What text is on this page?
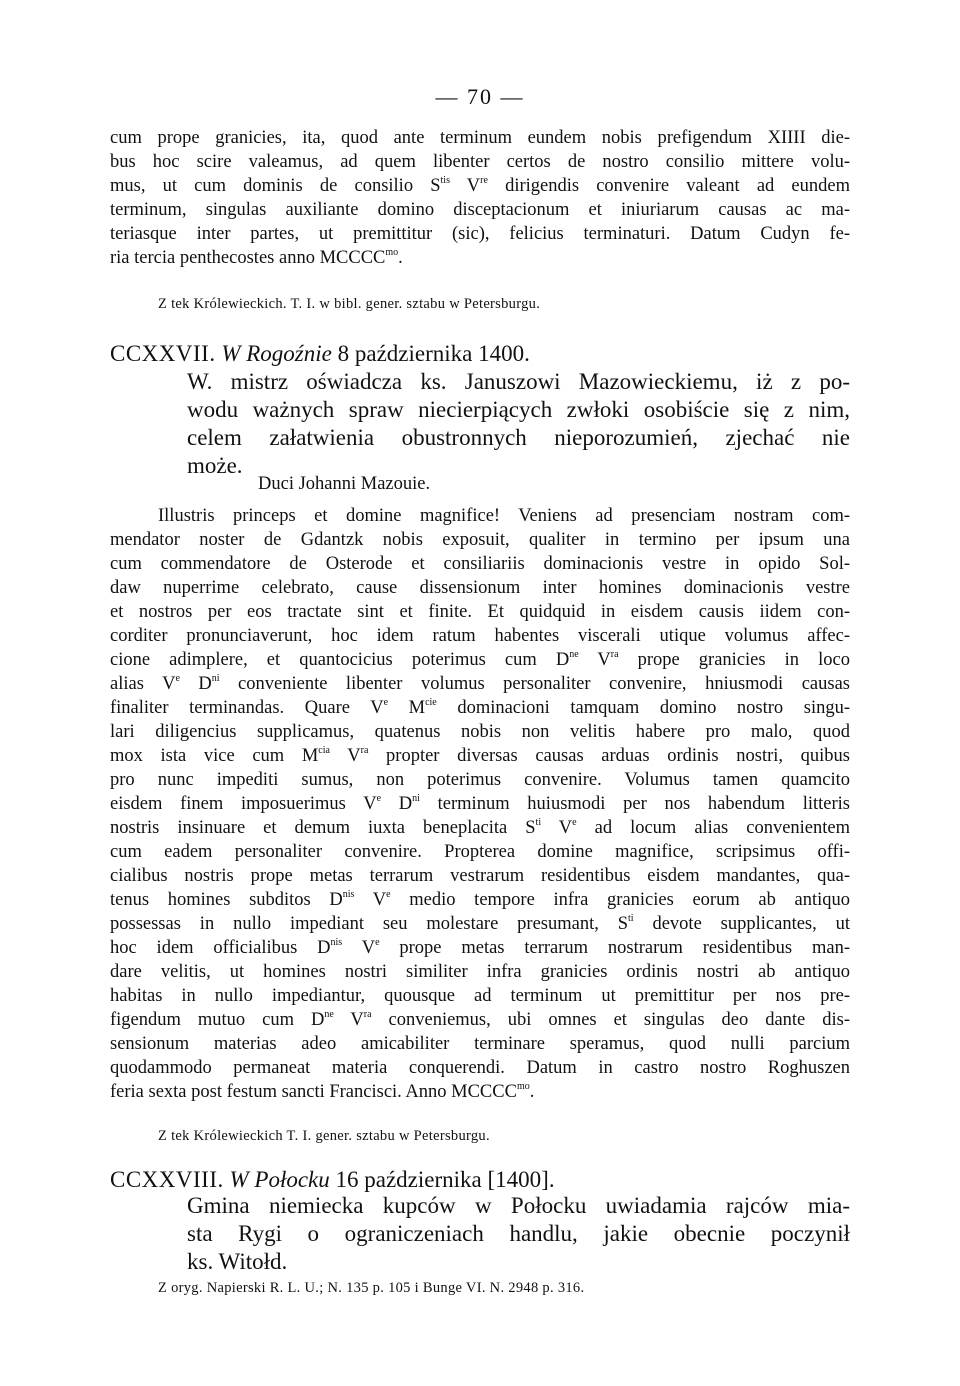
— 70 —

cum prope granicies, ita, quod ante terminum eundem nobis prefigendum XIIII die-
bus hoc scire valeamus, ad quem libenter certos de nostro consilio mittere volu-
mus, ut cum dominis de consilio $S^{tis}$ Vre dirigendis convenire valeant ad eundem
terminum, singulas auxiliante domino disceptacionum et iniuriarum causas ac ma-
teriasque inter partes, ut premittitur (sic), felicius terminaturi. Datum Cudyn fe-
ria tercia penthecostes anno $MCCCC^{mo}$.

Z tek Królewieckich. T. I. w bibl. gener. sztabu w Petersburgu.

CCXXVII. W Rogoźnie 8 października 1400.
W. mistrz oświadcza ks. Januszowi Mazowieckiemu, iż z po-
wodu ważnych spraw niecierpiących zwłoki osobiście się z nim,
celem załatwienia obustronnych nieporozumień, zjechać nie
może.
Duci Johanni Mazouie.

Illustris princeps et domine magnifice! Veniens ad presenciam nostram com-
mendator noster de Gdantzk nobis exposuit, qualiter in termino per ipsum una
cum commendatore de Osterode et consiliariis dominacionis vestre in opido Sol-
daw nuperrime celebrato, cause dissensionum inter homines dominacionis vestre
et nostros per eos tractate sint et finite. Et quidquid in eisdem causis iidem con-
corditer pronunciaverunt, hoc idem ratum habentes viscerali utique volumus affec-
cione adimplere, et quantocicius poterimus cum $D^{ne}$ $V^{ra}$ prope granicies in loco
alias Ve $D^{ni}$ conveniente libenter volumus personaliter convenire, hniusmodi causas
finaliter terminandas. Quare Ve $M^{cie}$ dominacioni tamquam domino nostro singu-
lari diligencius supplicamus, quatenus nobis non velitis habere pro malo, quod
mox ista vice cum $M^{cia}$ $V^{ra}$ propter diversas causas arduas ordinis nostri, quibus
pro nunc impediti sumus, non poterimus convenire. Volumus tamen quamcito
eisdem finem imposuerimus Ve $D^{ni}$ terminum huiusmodi per nos habendum litteris
nostris insinuare et demum iuxta beneplacita $S^{ti}$ Ve ad locum alias convenientem
cum eadem personaliter convenire. Propterea domine magnifice, scripsimus offi-
cialibus nostris prope metas terrarum vestrarum residentibus eisdem mandantes, qua-
tenus homines subditos $D^{nis}$ Ve medio tempore infra granicies eorum ab antiquo
possessas in nullo impediant seu molestare presumant, $S^{ti}$ devote supplicantes, ut
hoc idem officialibus $D^{nis}$ Ve prope metas terrarum nostrarum residentibus man-
dare velitis, ut homines nostri similiter infra granicies ordinis nostri ab antiquo
habitas in nullo impediantur, quousque ad terminum ut premittitur per nos pre-
figendum mutuo cum $D^{ne}$ $V^{ra}$ conveniemus, ubi omnes et singulas deo dante dis-
sensionum materias adeo amicabiliter terminare speramus, quod nulli parcium
quodammodo permaneat materia conquerendi. Datum in castro nostro Roghuszen
feria sexta post festum sancti Francisci. Anno $MCCCC^{mo}$.

Z tek Królewieckich T. I. gener. sztabu w Petersburgu.

CCXXVIII. W Połocku 16 października [1400].
Gmina niemiecka kupców w Połocku uwiadamia rajców mia-
sta Rygi o ograniczeniach handlu, jakie obecnie poczynił
ks. Witołd.

Z oryg. Napierski R. L. U.; N. 135 p. 105 i Bunge VI. N. 2948 p. 316.
